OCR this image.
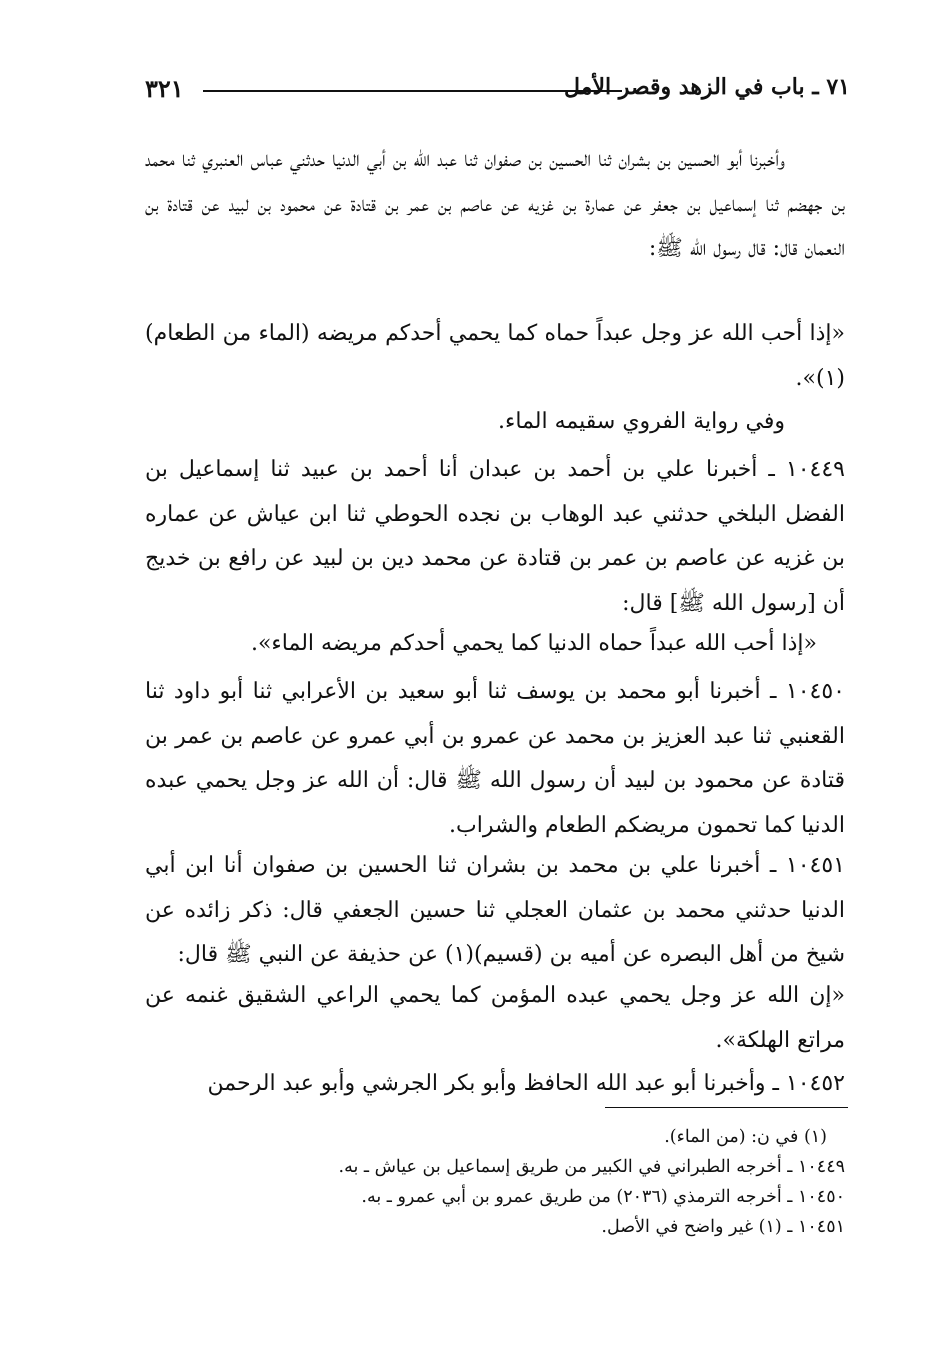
٧١ ـ باب في الزهد وقصر الأمل
٣٢١

وأخبرنا أبو الحسين بن بشران ثنا الحسين بن صفوان ثنا عبد الله بن أبي الدنيا حدثني عباس العنبري ثنا محمد بن جهضم ثنا إسماعيل بن جعفر عن عمارة بن غزيه عن عاصم بن عمر بن قتادة عن محمود بن لبيد عن قتادة بن النعمان قال: قال رسول الله ﷺ:

«إذا أحب الله عز وجل عبداً حماه كما يحمي أحدكم مريضه (الماء من الطعام)(١)».

وفي رواية الفروي سقيمه الماء.

١٠٤٤٩ ـ أخبرنا علي بن أحمد بن عبدان أنا أحمد بن عبيد ثنا إسماعيل بن الفضل البلخي حدثني عبد الوهاب بن نجده الحوطي ثنا ابن عياش عن عماره بن غزيه عن عاصم بن عمر بن قتادة عن محمد دين بن لبيد عن رافع بن خديج أن [رسول الله ﷺ] قال:

«إذا أحب الله عبداً حماه الدنيا كما يحمي أحدكم مريضه الماء».

١٠٤٥٠ ـ أخبرنا أبو محمد بن يوسف ثنا أبو سعيد بن الأعرابي ثنا أبو داود ثنا القعنبي ثنا عبد العزيز بن محمد عن عمرو بن أبي عمرو عن عاصم بن عمر بن قتادة عن محمود بن لبيد أن رسول الله ﷺ قال: أن الله عز وجل يحمي عبده الدنيا كما تحمون مريضكم الطعام والشراب.

١٠٤٥١ ـ أخبرنا علي بن محمد بن بشران ثنا الحسين بن صفوان أنا ابن أبي الدنيا حدثني محمد بن عثمان العجلي ثنا حسين الجعفي قال: ذكر زائده عن شيخ من أهل البصره عن أميه بن (قسيم)(١) عن حذيفة عن النبي ﷺ قال:

«إن الله عز وجل يحمي عبده المؤمن كما يحمي الراعي الشقيق غنمه عن مراتع الهلكة».

١٠٤٥٢ ـ وأخبرنا أبو عبد الله الحافظ وأبو بكر الجرشي وأبو عبد الرحمن

(١) في ن: (من الماء).

١٠٤٤٩ ـ أخرجه الطبراني في الكبير من طريق إسماعيل بن عياش ـ به.

١٠٤٥٠ ـ أخرجه الترمذي (٢٠٣٦) من طريق عمرو بن أبي عمرو ـ به.

١٠٤٥١ ـ (١) غير واضح في الأصل.
